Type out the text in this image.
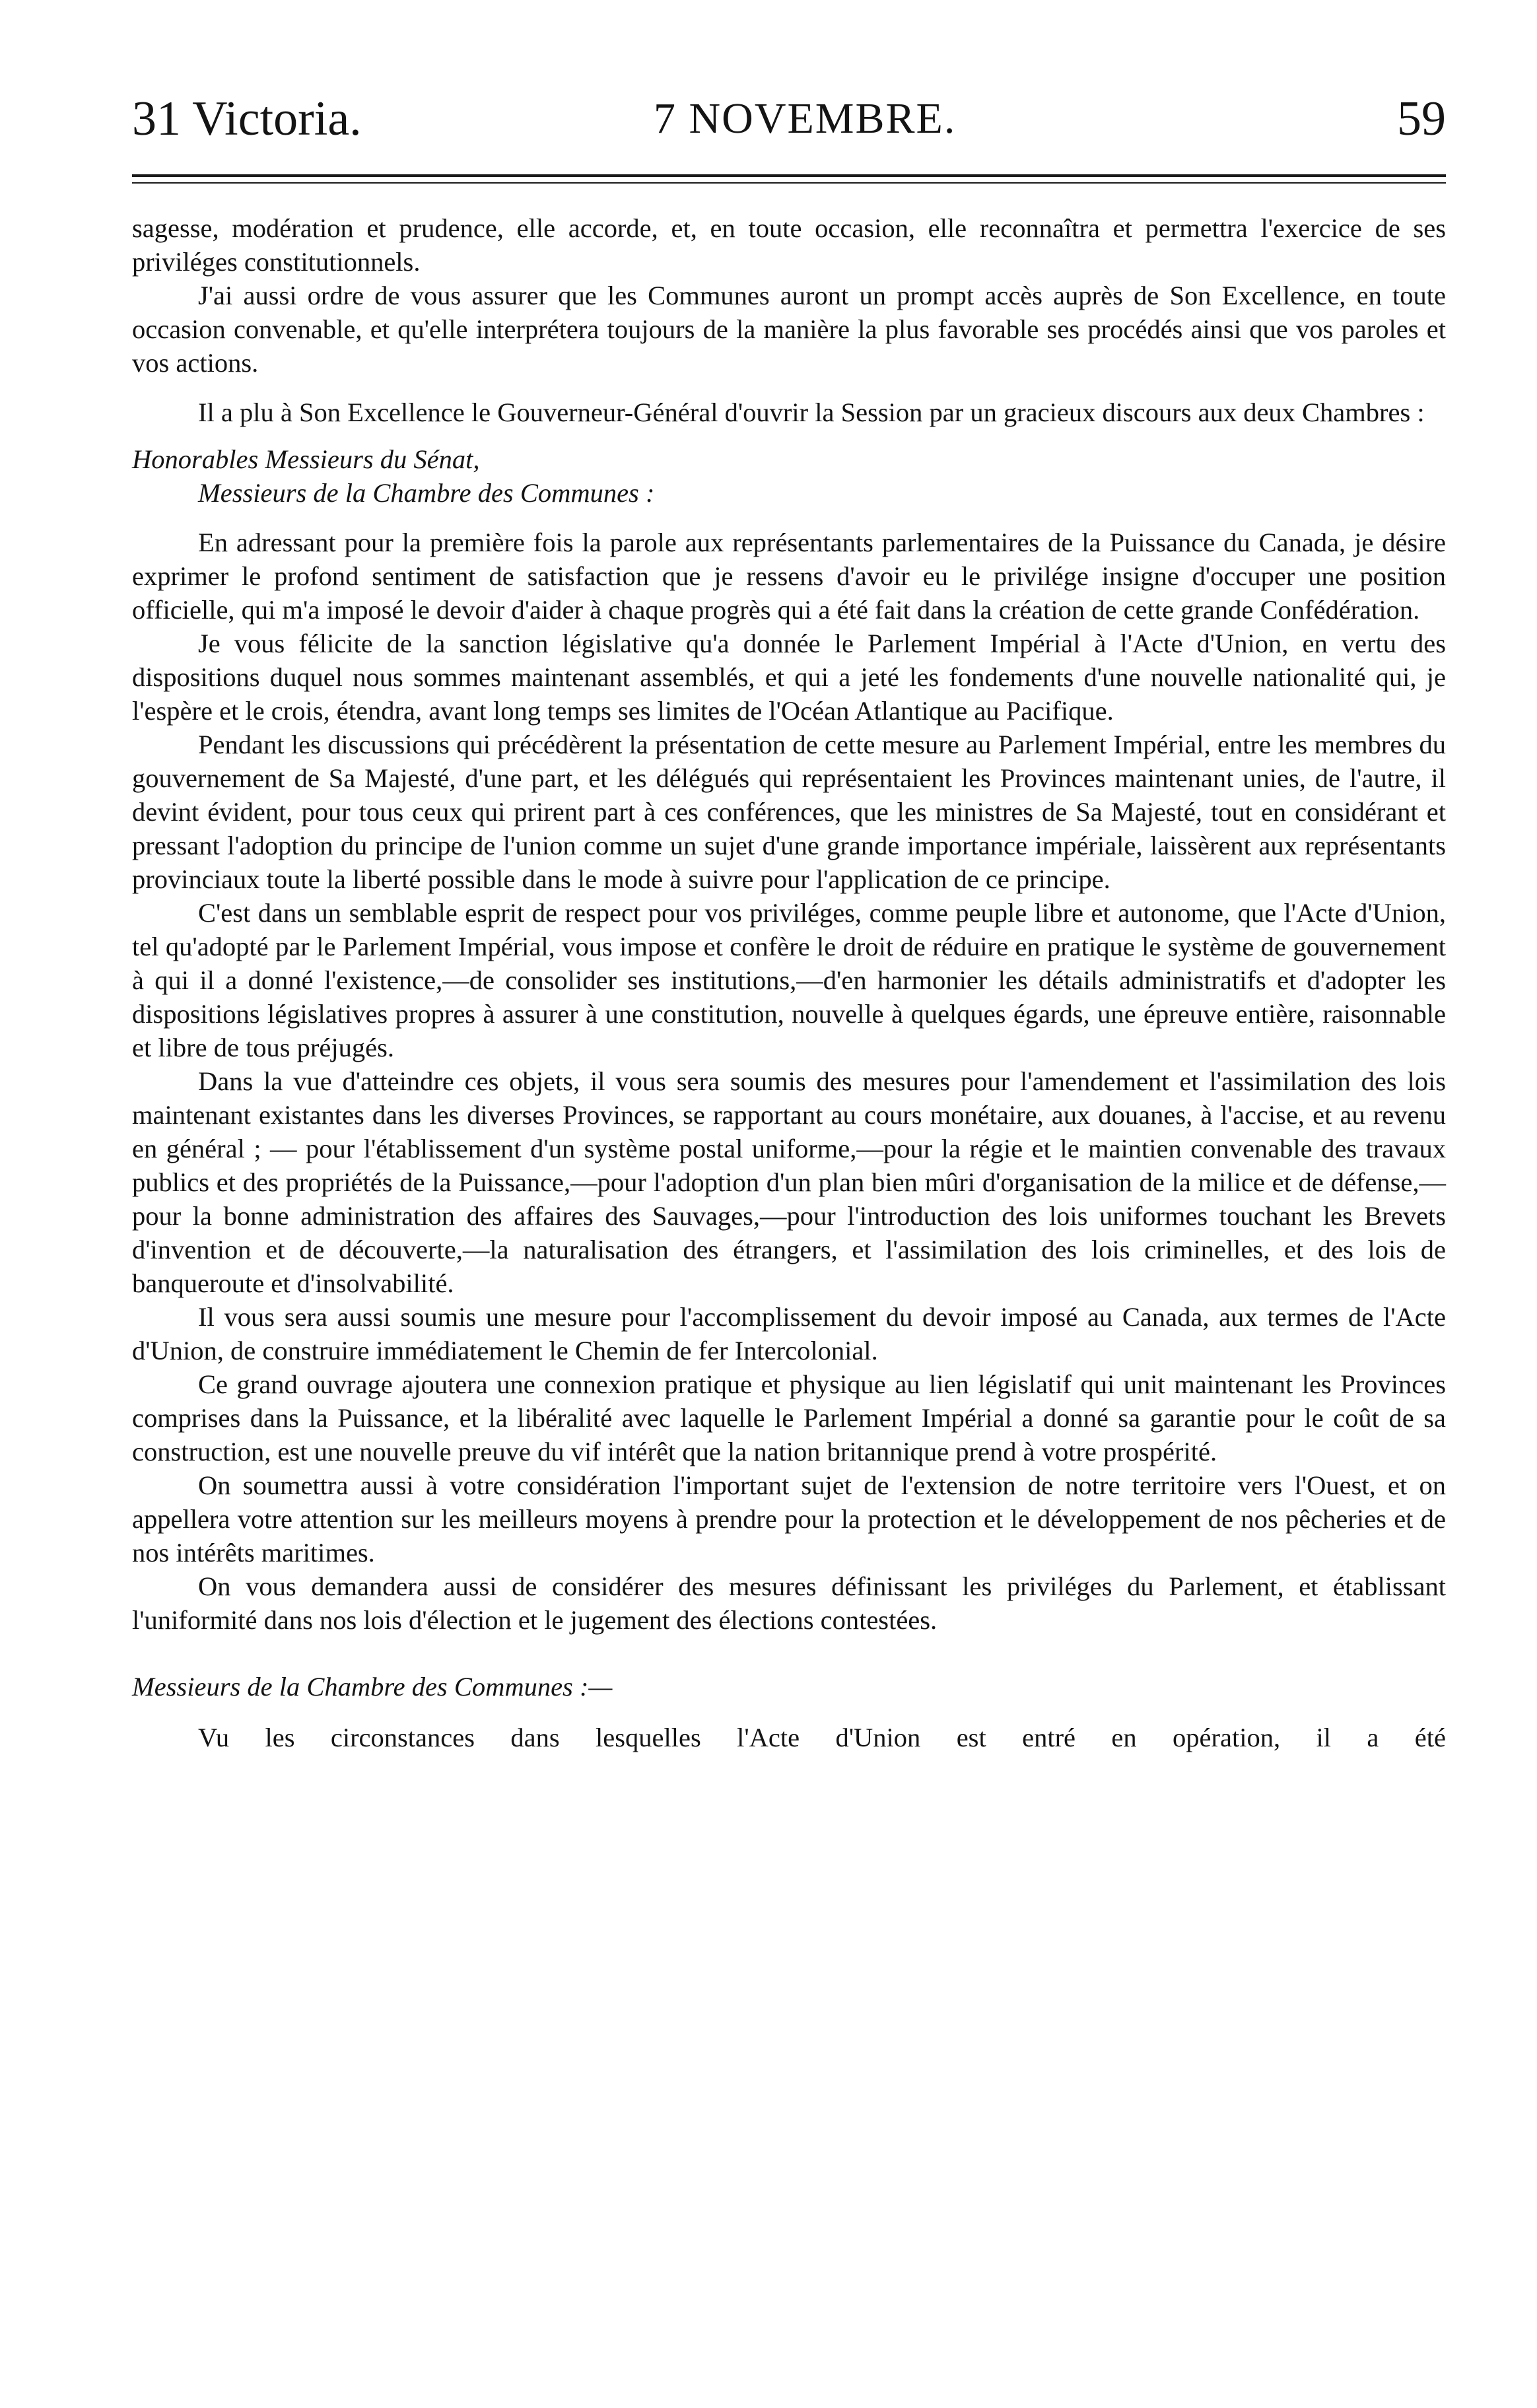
31 Victoria.	7 NOVEMBRE.	59

sagesse, modération et prudence, elle accorde, et, en toute occasion, elle reconnaîtra et permettra l'exercice de ses priviléges constitutionnels.

J'ai aussi ordre de vous assurer que les Communes auront un prompt accès auprès de Son Excellence, en toute occasion convenable, et qu'elle interprétera toujours de la manière la plus favorable ses procédés ainsi que vos paroles et vos actions.

Il a plu à Son Excellence le Gouverneur-Général d'ouvrir la Session par un gracieux discours aux deux Chambres :

Honorables Messieurs du Sénat,

Messieurs de la Chambre des Communes :

En adressant pour la première fois la parole aux représentants parlementaires de la Puissance du Canada, je désire exprimer le profond sentiment de satisfaction que je ressens d'avoir eu le privilége insigne d'occuper une position officielle, qui m'a imposé le devoir d'aider à chaque progrès qui a été fait dans la création de cette grande Confédération.

Je vous félicite de la sanction législative qu'a donnée le Parlement Impérial à l'Acte d'Union, en vertu des dispositions duquel nous sommes maintenant assemblés, et qui a jeté les fondements d'une nouvelle nationalité qui, je l'espère et le crois, étendra, avant long temps ses limites de l'Océan Atlantique au Pacifique.

Pendant les discussions qui précédèrent la présentation de cette mesure au Parlement Impérial, entre les membres du gouvernement de Sa Majesté, d'une part, et les délégués qui représentaient les Provinces maintenant unies, de l'autre, il devint évident, pour tous ceux qui prirent part à ces conférences, que les ministres de Sa Majesté, tout en considérant et pressant l'adoption du principe de l'union comme un sujet d'une grande importance impériale, laissèrent aux représentants provinciaux toute la liberté possible dans le mode à suivre pour l'application de ce principe.

C'est dans un semblable esprit de respect pour vos priviléges, comme peuple libre et autonome, que l'Acte d'Union, tel qu'adopté par le Parlement Impérial, vous impose et confère le droit de réduire en pratique le système de gouvernement à qui il a donné l'existence,—de consolider ses institutions,—d'en harmonier les détails administratifs et d'adopter les dispositions législatives propres à assurer à une constitution, nouvelle à quelques égards, une épreuve entière, raisonnable et libre de tous préjugés.

Dans la vue d'atteindre ces objets, il vous sera soumis des mesures pour l'amendement et l'assimilation des lois maintenant existantes dans les diverses Provinces, se rapportant au cours monétaire, aux douanes, à l'accise, et au revenu en général ; — pour l'établissement d'un système postal uniforme,—pour la régie et le maintien convenable des travaux publics et des propriétés de la Puissance,—pour l'adoption d'un plan bien mûri d'organisation de la milice et de défense,—pour la bonne administration des affaires des Sauvages,—pour l'introduction des lois uniformes touchant les Brevets d'invention et de découverte,—la naturalisation des étrangers, et l'assimilation des lois criminelles, et des lois de banqueroute et d'insolvabilité.

Il vous sera aussi soumis une mesure pour l'accomplissement du devoir imposé au Canada, aux termes de l'Acte d'Union, de construire immédiatement le Chemin de fer Intercolonial.

Ce grand ouvrage ajoutera une connexion pratique et physique au lien législatif qui unit maintenant les Provinces comprises dans la Puissance, et la libéralité avec laquelle le Parlement Impérial a donné sa garantie pour le coût de sa construction, est une nouvelle preuve du vif intérêt que la nation britannique prend à votre prospérité.

On soumettra aussi à votre considération l'important sujet de l'extension de notre territoire vers l'Ouest, et on appellera votre attention sur les meilleurs moyens à prendre pour la protection et le développement de nos pêcheries et de nos intérêts maritimes.

On vous demandera aussi de considérer des mesures définissant les priviléges du Parlement, et établissant l'uniformité dans nos lois d'élection et le jugement des élections contestées.

Messieurs de la Chambre des Communes :—

Vu les circonstances dans lesquelles l'Acte d'Union est entré en opération, il a été
